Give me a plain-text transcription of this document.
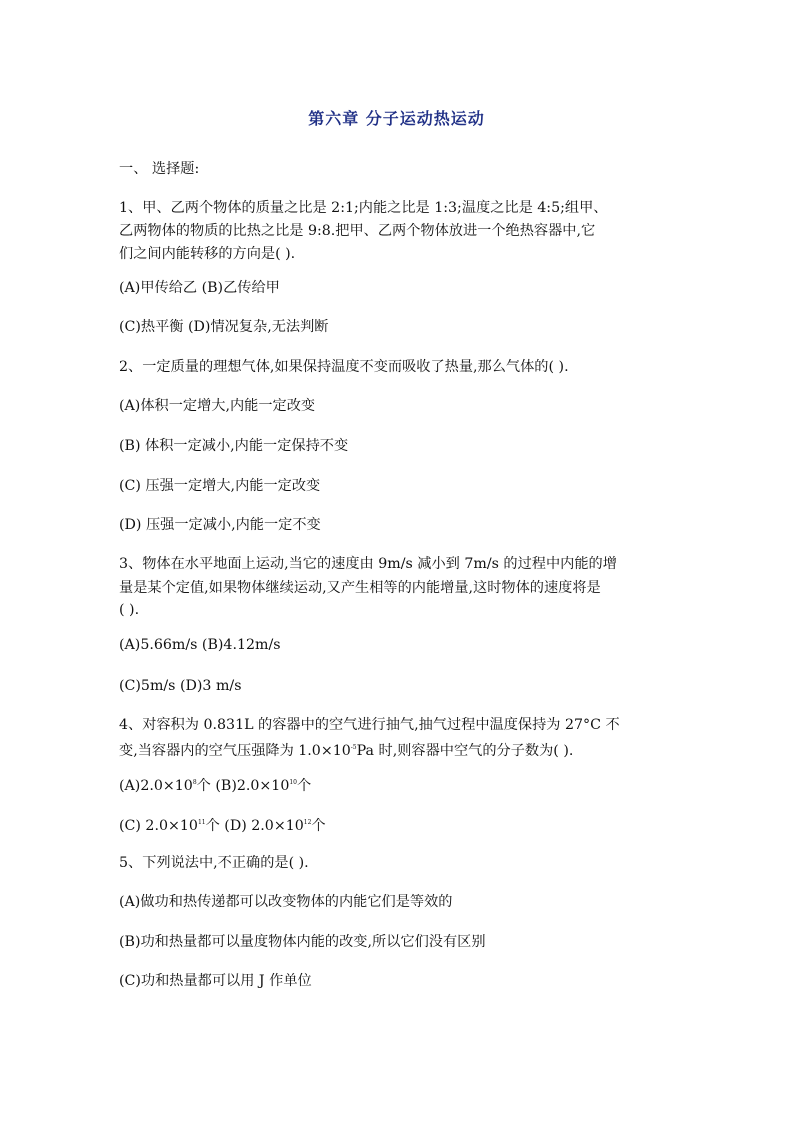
第六章 分子运动热运动
一、 选择题:
1、甲、乙两个物体的质量之比是 2:1;内能之比是 1:3;温度之比是 4:5;组甲、
乙两物体的物质的比热之比是 9:8.把甲、乙两个物体放进一个绝热容器中,它
们之间内能转移的方向是( ).
(A)甲传给乙 (B)乙传给甲
(C)热平衡 (D)情况复杂,无法判断
2、一定质量的理想气体,如果保持温度不变而吸收了热量,那么气体的( ).
(A)体积一定增大,内能一定改变
(B) 体积一定减小,内能一定保持不变
(C) 压强一定增大,内能一定改变
(D) 压强一定减小,内能一定不变
3、物体在水平地面上运动,当它的速度由 9m/s 减小到 7m/s 的过程中内能的增
量是某个定值,如果物体继续运动,又产生相等的内能增量,这时物体的速度将是
( ).
(A)5.66m/s (B)4.12m/s
(C)5m/s (D)3 m/s
4、对容积为 0.831L 的容器中的空气进行抽气,抽气过程中温度保持为 27°C 不
变,当容器内的空气压强降为 $1.0\times 10^{-5}Pa$ 时,则容器中空气的分子数为( ).
$(A)2.0\times 10^8$个 $(B)2.0\times 10^{10}$个
(C) $2.0\times 10^{11}$个 (D) $2.0\times 10^{12}$个
5、下列说法中,不正确的是( ).
(A)做功和热传递都可以改变物体的内能它们是等效的
(B)功和热量都可以量度物体内能的改变,所以它们没有区别
(C)功和热量都可以用 J 作单位
